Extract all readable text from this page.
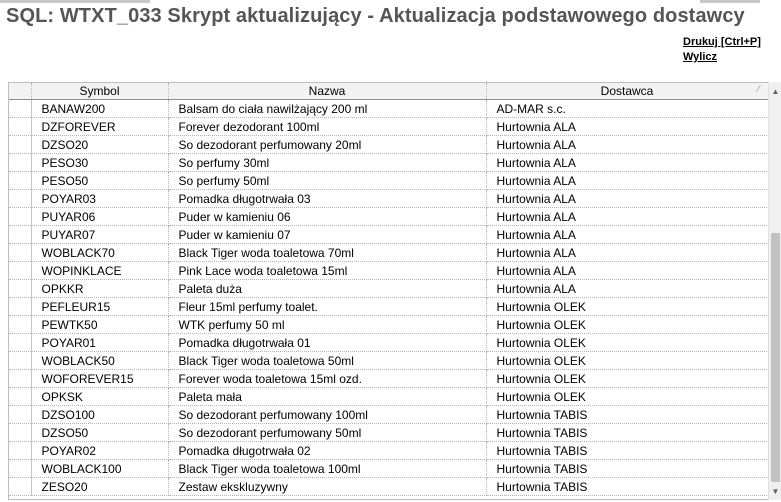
SQL: WTXT_033 Skrypt aktualizujący - Aktualizacja podstawowego dostawcy
Drukuj [Ctrl+P]
Wylicz
	Symbol	Nazwa	Dostawca ⁄

	BANAW200	Balsam do ciała nawilżający 200 ml	AD-MAR s.c.
	DZFOREVER	Forever dezodorant 100ml	Hurtownia ALA
	DZSO20	So dezodorant perfumowany 20ml	Hurtownia ALA
	PESO30	So perfumy 30ml	Hurtownia ALA
	PESO50	So perfumy 50ml	Hurtownia ALA
	POYAR03	Pomadka długotrwała 03	Hurtownia ALA
	PUYAR06	Puder w kamieniu 06	Hurtownia ALA
	PUYAR07	Puder w kamieniu 07	Hurtownia ALA
	WOBLACK70	Black Tiger woda toaletowa 70ml	Hurtownia ALA
	WOPINKLACE	Pink Lace woda toaletowa 15ml	Hurtownia ALA
	OPKKR	Paleta duża	Hurtownia ALA
	PEFLEUR15	Fleur 15ml perfumy toalet.	Hurtownia OLEK
	PEWTK50	WTK perfumy 50 ml	Hurtownia OLEK
	POYAR01	Pomadka długotrwała 01	Hurtownia OLEK
	WOBLACK50	Black Tiger woda toaletowa 50ml	Hurtownia OLEK
	WOFOREVER15	Forever woda toaletowa 15ml ozd.	Hurtownia OLEK
	OPKSK	Paleta mała	Hurtownia OLEK
	DZSO100	So dezodorant perfumowany 100ml	Hurtownia TABIS
	DZSO50	So dezodorant perfumowany 50ml	Hurtownia TABIS
	POYAR02	Pomadka długotrwała 02	Hurtownia TABIS
	WOBLACK100	Black Tiger woda toaletowa 100ml	Hurtownia TABIS
	ZESO20	Zestaw ekskluzywny	Hurtownia TABIS
▲
▼
